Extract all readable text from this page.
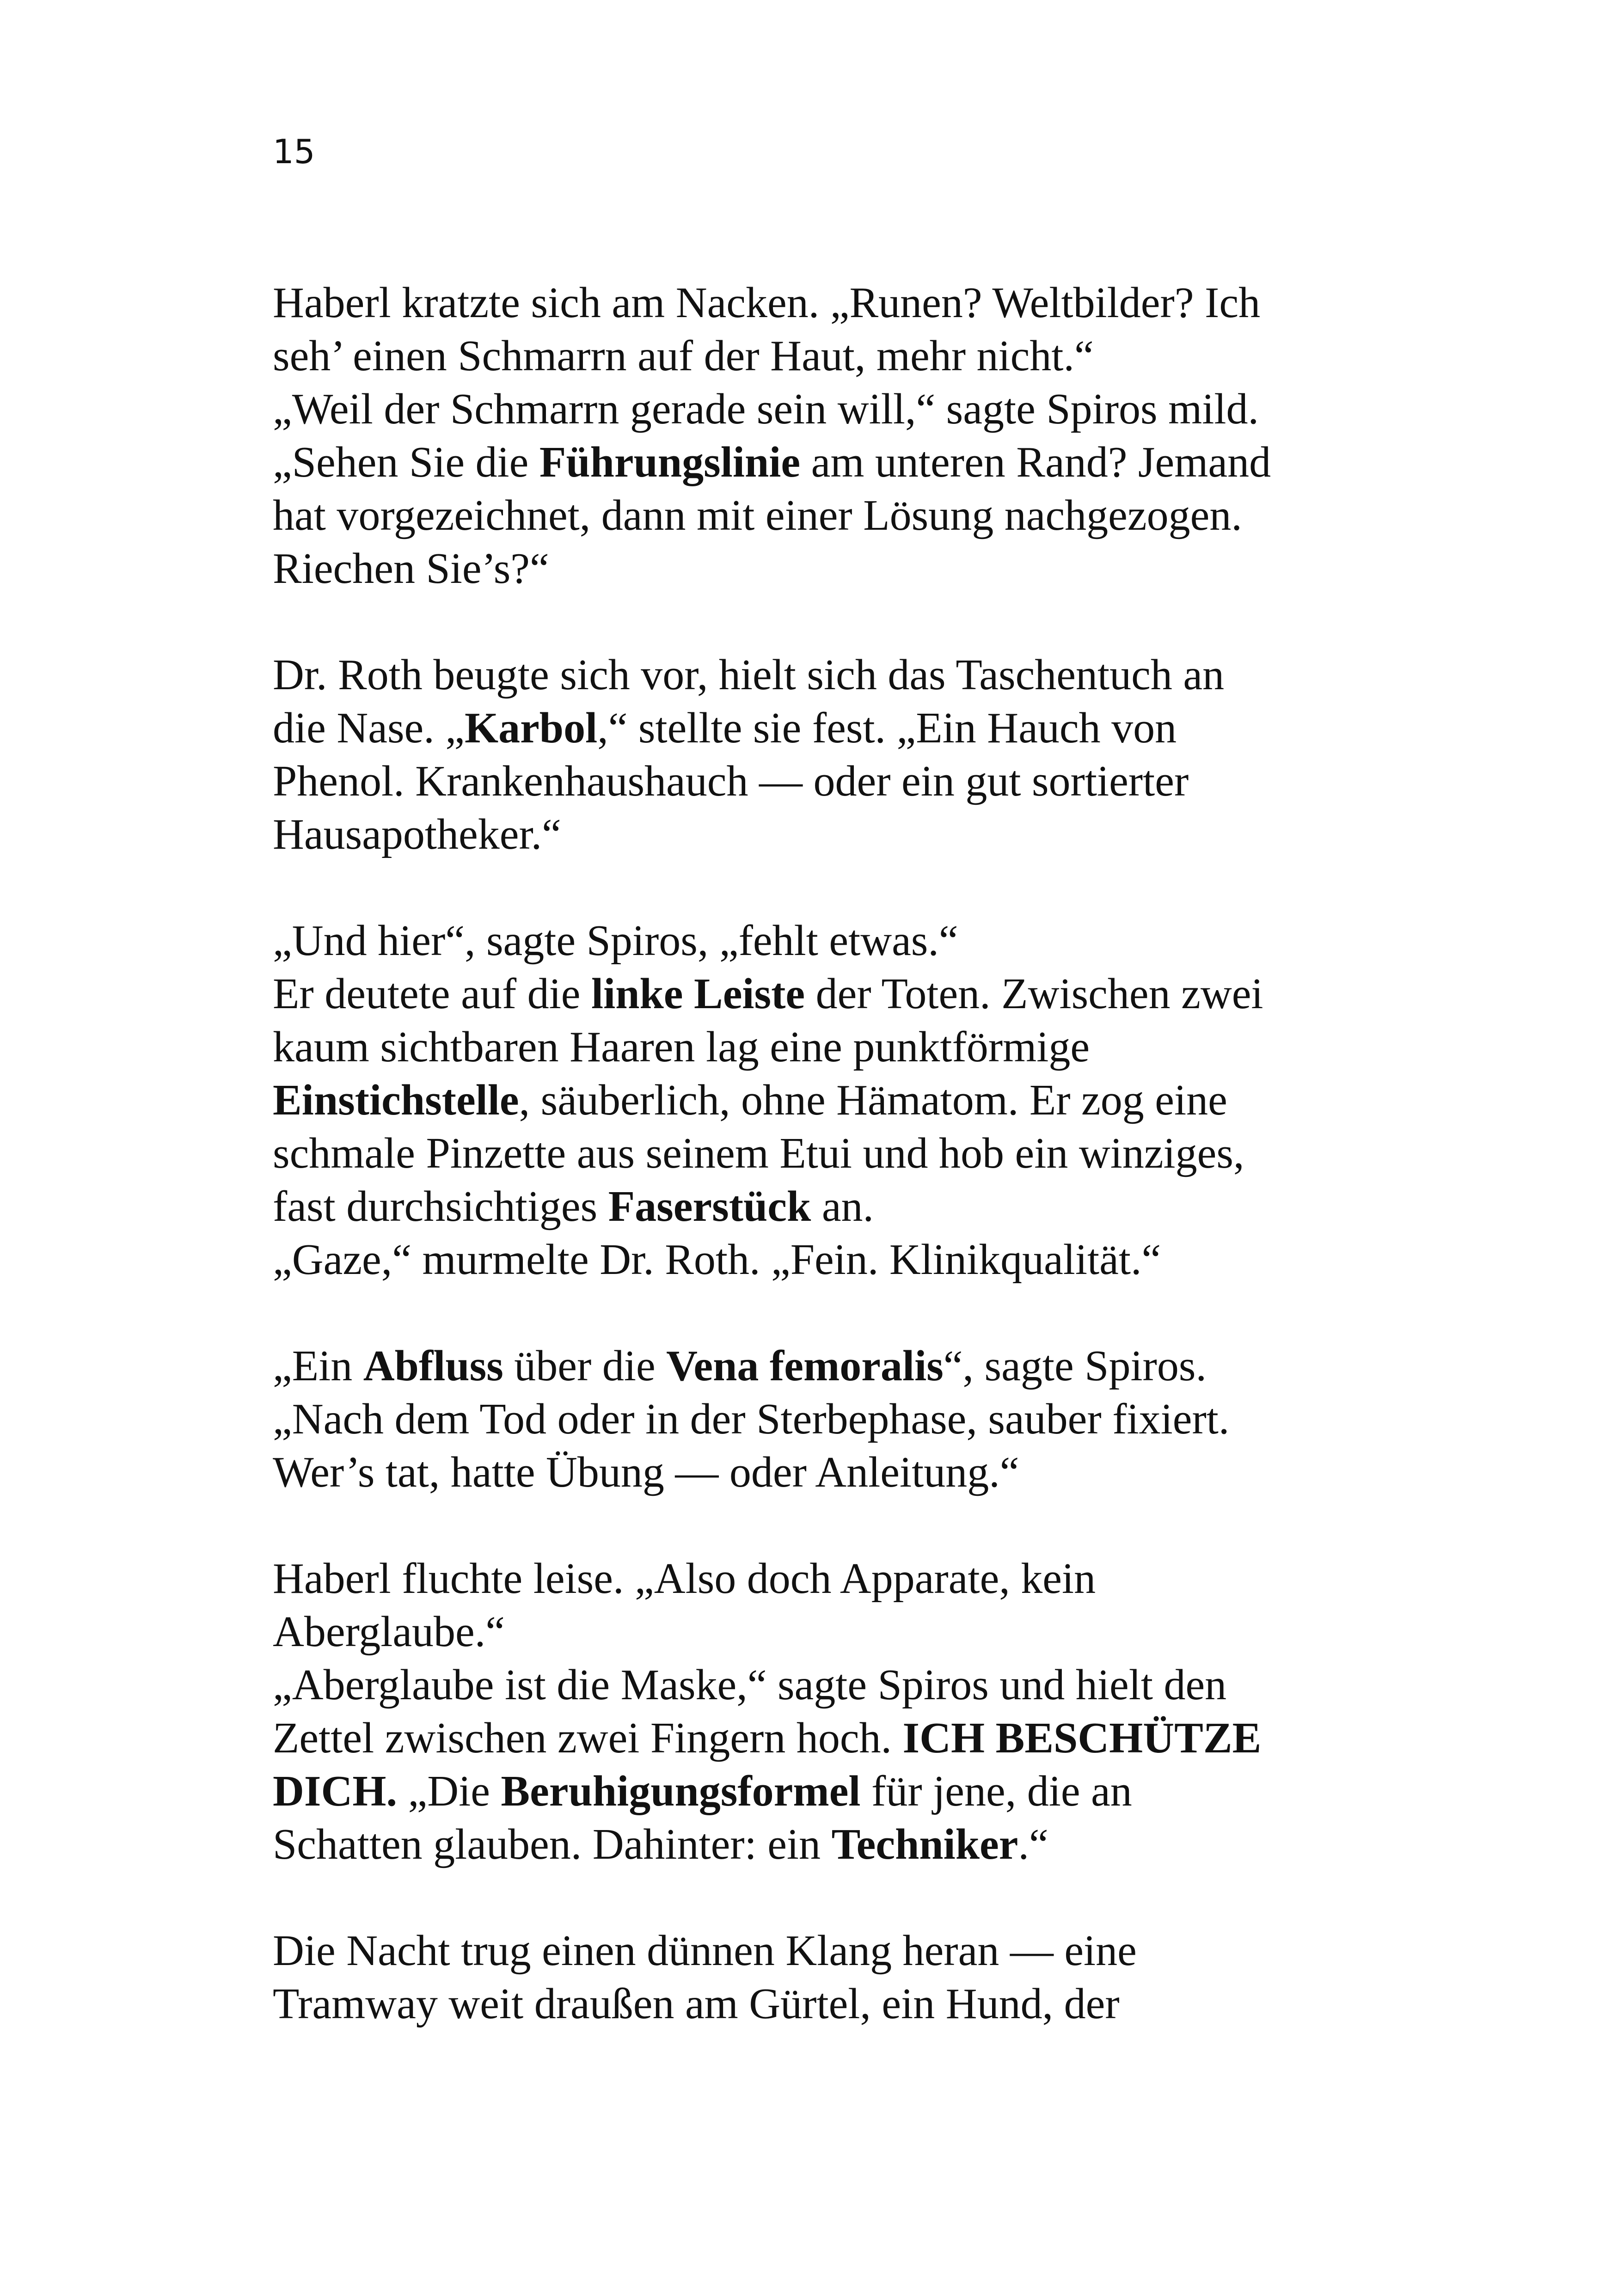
15
Haberl kratzte sich am Nacken. „Runen? Weltbilder? Ich
seh’ einen Schmarrn auf der Haut, mehr nicht.“
„Weil der Schmarrn gerade sein will,“ sagte Spiros mild.
„Sehen Sie die Führungslinie am unteren Rand? Jemand
hat vorgezeichnet, dann mit einer Lösung nachgezogen.
Riechen Sie’s?“
Dr. Roth beugte sich vor, hielt sich das Taschentuch an
die Nase. „Karbol,“ stellte sie fest. „Ein Hauch von
Phenol. Krankenhaushauch — oder ein gut sortierter
Hausapotheker.“
„Und hier“, sagte Spiros, „fehlt etwas.“
Er deutete auf die linke Leiste der Toten. Zwischen zwei
kaum sichtbaren Haaren lag eine punktförmige
Einstichstelle, säuberlich, ohne Hämatom. Er zog eine
schmale Pinzette aus seinem Etui und hob ein winziges,
fast durchsichtiges Faserstück an.
„Gaze,“ murmelte Dr. Roth. „Fein. Klinikqualität.“
„Ein Abfluss über die Vena femoralis“, sagte Spiros.
„Nach dem Tod oder in der Sterbephase, sauber fixiert.
Wer’s tat, hatte Übung — oder Anleitung.“
Haberl fluchte leise. „Also doch Apparate, kein
Aberglaube.“
„Aberglaube ist die Maske,“ sagte Spiros und hielt den
Zettel zwischen zwei Fingern hoch. ICH BESCHÜTZE
DICH. „Die Beruhigungsformel für jene, die an
Schatten glauben. Dahinter: ein Techniker.“
Die Nacht trug einen dünnen Klang heran — eine
Tramway weit draußen am Gürtel, ein Hund, der
